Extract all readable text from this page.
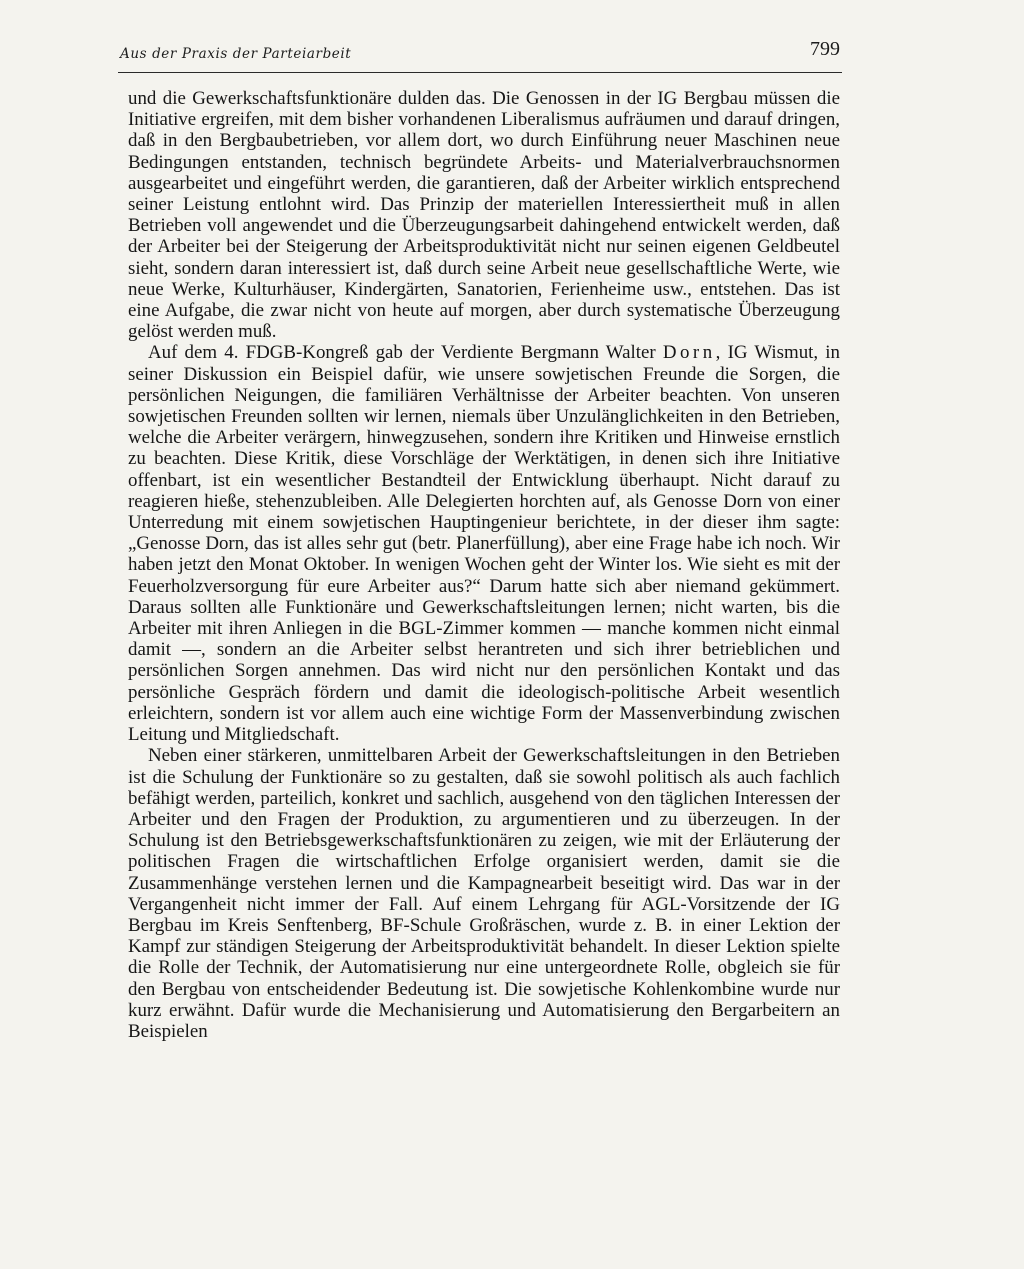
Aus der Praxis der Parteiarbeit	799

und die Gewerkschaftsfunktionäre dulden das. Die Genossen in der IG Bergbau müssen die Initiative ergreifen, mit dem bisher vorhandenen Liberalismus aufräumen und darauf dringen, daß in den Bergbaubetrieben, vor allem dort, wo durch Einführung neuer Maschinen neue Bedingungen entstanden, technisch begründete Arbeits- und Materialverbrauchsnormen ausgearbeitet und eingeführt werden, die garantieren, daß der Arbeiter wirklich entsprechend seiner Leistung entlohnt wird. Das Prinzip der materiellen Interessiertheit muß in allen Betrieben voll angewendet und die Überzeugungsarbeit dahingehend entwickelt werden, daß der Arbeiter bei der Steigerung der Arbeitsproduktivität nicht nur seinen eigenen Geldbeutel sieht, sondern daran interessiert ist, daß durch seine Arbeit neue gesellschaftliche Werte, wie neue Werke, Kulturhäuser, Kindergärten, Sanatorien, Ferienheime usw., entstehen. Das ist eine Aufgabe, die zwar nicht von heute auf morgen, aber durch systematische Überzeugung gelöst werden muß.

Auf dem 4. FDGB-Kongreß gab der Verdiente Bergmann Walter Dorn, IG Wismut, in seiner Diskussion ein Beispiel dafür, wie unsere sowjetischen Freunde die Sorgen, die persönlichen Neigungen, die familiären Verhältnisse der Arbeiter beachten. Von unseren sowjetischen Freunden sollten wir lernen, niemals über Unzulänglichkeiten in den Betrieben, welche die Arbeiter verärgern, hinwegzusehen, sondern ihre Kritiken und Hinweise ernstlich zu beachten. Diese Kritik, diese Vorschläge der Werktätigen, in denen sich ihre Initiative offenbart, ist ein wesentlicher Bestandteil der Entwicklung überhaupt. Nicht darauf zu reagieren hieße, stehenzubleiben. Alle Delegierten horchten auf, als Genosse Dorn von einer Unterredung mit einem sowjetischen Hauptingenieur berichtete, in der dieser ihm sagte: „Genosse Dorn, das ist alles sehr gut (betr. Planerfüllung), aber eine Frage habe ich noch. Wir haben jetzt den Monat Oktober. In wenigen Wochen geht der Winter los. Wie sieht es mit der Feuerholzversorgung für eure Arbeiter aus?“ Darum hatte sich aber niemand gekümmert. Daraus sollten alle Funktionäre und Gewerkschaftsleitungen lernen; nicht warten, bis die Arbeiter mit ihren Anliegen in die BGL-Zimmer kommen — manche kommen nicht einmal damit —, sondern an die Arbeiter selbst herantreten und sich ihrer betrieblichen und persönlichen Sorgen annehmen. Das wird nicht nur den persönlichen Kontakt und das persönliche Gespräch fördern und damit die ideologisch-politische Arbeit wesentlich erleichtern, sondern ist vor allem auch eine wichtige Form der Massenverbindung zwischen Leitung und Mitgliedschaft.

Neben einer stärkeren, unmittelbaren Arbeit der Gewerkschaftsleitungen in den Betrieben ist die Schulung der Funktionäre so zu gestalten, daß sie sowohl politisch als auch fachlich befähigt werden, parteilich, konkret und sachlich, ausgehend von den täglichen Interessen der Arbeiter und den Fragen der Produktion, zu argumentieren und zu überzeugen. In der Schulung ist den Betriebsgewerkschaftsfunktionären zu zeigen, wie mit der Erläuterung der politischen Fragen die wirtschaftlichen Erfolge organisiert werden, damit sie die Zusammenhänge verstehen lernen und die Kampagnearbeit beseitigt wird. Das war in der Vergangenheit nicht immer der Fall. Auf einem Lehrgang für AGL-Vorsitzende der IG Bergbau im Kreis Senftenberg, BF-Schule Großräschen, wurde z. B. in einer Lektion der Kampf zur ständigen Steigerung der Arbeitsproduktivität behandelt. In dieser Lektion spielte die Rolle der Technik, der Automatisierung nur eine untergeordnete Rolle, obgleich sie für den Bergbau von entscheidender Bedeutung ist. Die sowjetische Kohlenkombine wurde nur kurz erwähnt. Dafür wurde die Mechanisierung und Automatisierung den Bergarbeitern an Beispielen
